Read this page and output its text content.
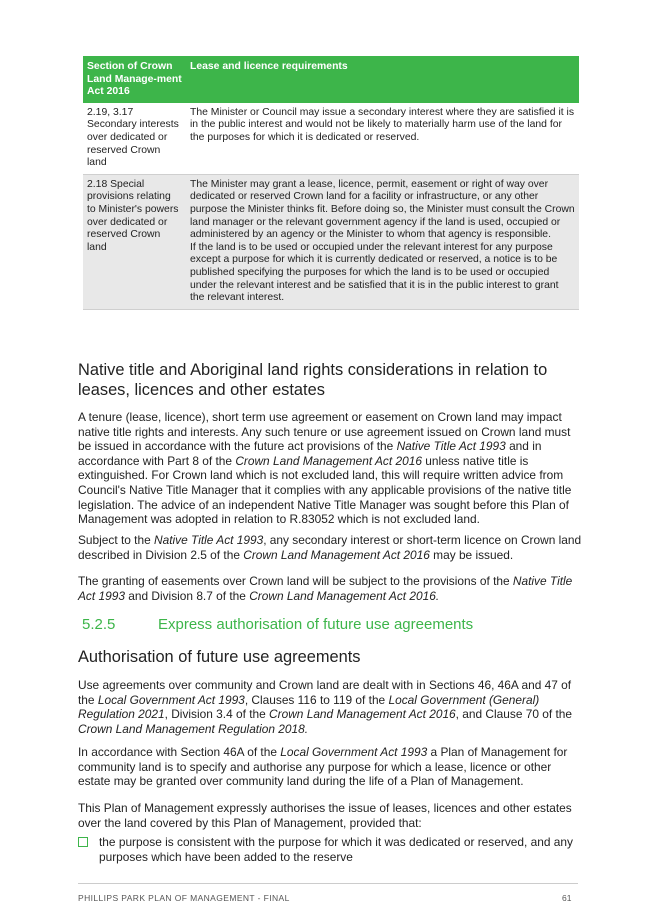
Section of Crown Land Manage-ment Act 2016	Lease and licence requirements
2.19, 3.17 Secondary interests over dedicated or reserved Crown land	The Minister or Council may issue a secondary interest where they are satisfied it is in the public interest and would not be likely to materially harm use of the land for the purposes for which it is dedicated or reserved.

2.18 Special provisions relating to Minister's powers over dedicated or reserved Crown land	The Minister may grant a lease, licence, permit, easement or right of way over dedicated or reserved Crown land for a facility or infrastructure, or any other purpose the Minister thinks fit. Before doing so, the Minister must consult the Crown land manager or the relevant government agency if the land is used, occupied or administered by an agency or the Minister to whom that agency is responsible.
If the land is to be used or occupied under the relevant interest for any purpose except a purpose for which it is currently dedicated or reserved, a notice is to be published specifying the purposes for which the land is to be used or occupied under the relevant interest and be satisfied that it is in the public interest to grant the relevant interest.
Native title and Aboriginal land rights considerations in relation to leases, licences and other estates

A tenure (lease, licence), short term use agreement or easement on Crown land may impact native title rights and interests. Any such tenure or use agreement issued on Crown land must be issued in accordance with the future act provisions of the Native Title Act 1993 and in accordance with Part 8 of the Crown Land Management Act 2016 unless native title is extinguished. For Crown land which is not excluded land, this will require written advice from Council's Native Title Manager that it complies with any applicable provisions of the native title legislation. The advice of an independent Native Title Manager was sought before this Plan of Management was adopted in relation to R.83052 which is not excluded land.

Subject to the Native Title Act 1993, any secondary interest or short-term licence on Crown land described in Division 2.5 of the Crown Land Management Act 2016 may be issued.

The granting of easements over Crown land will be subject to the provisions of the Native Title Act 1993 and Division 8.7 of the Crown Land Management Act 2016.

5.2.5	Express authorisation of future use agreements
Authorisation of future use agreements

Use agreements over community and Crown land are dealt with in Sections 46, 46A and 47 of the Local Government Act 1993, Clauses 116 to 119 of the Local Government (General) Regulation 2021, Division 3.4 of the Crown Land Management Act 2016, and Clause 70 of the Crown Land Management Regulation 2018.

In accordance with Section 46A of the Local Government Act 1993 a Plan of Management for community land is to specify and authorise any purpose for which a lease, licence or other estate may be granted over community land during the life of a Plan of Management.

This Plan of Management expressly authorises the issue of leases, licences and other estates over the land covered by this Plan of Management, provided that:

the purpose is consistent with the purpose for which it was dedicated or reserved, and any purposes which have been added to the reserve
PHILLIPS PARK PLAN OF MANAGEMENT - FINAL	61
